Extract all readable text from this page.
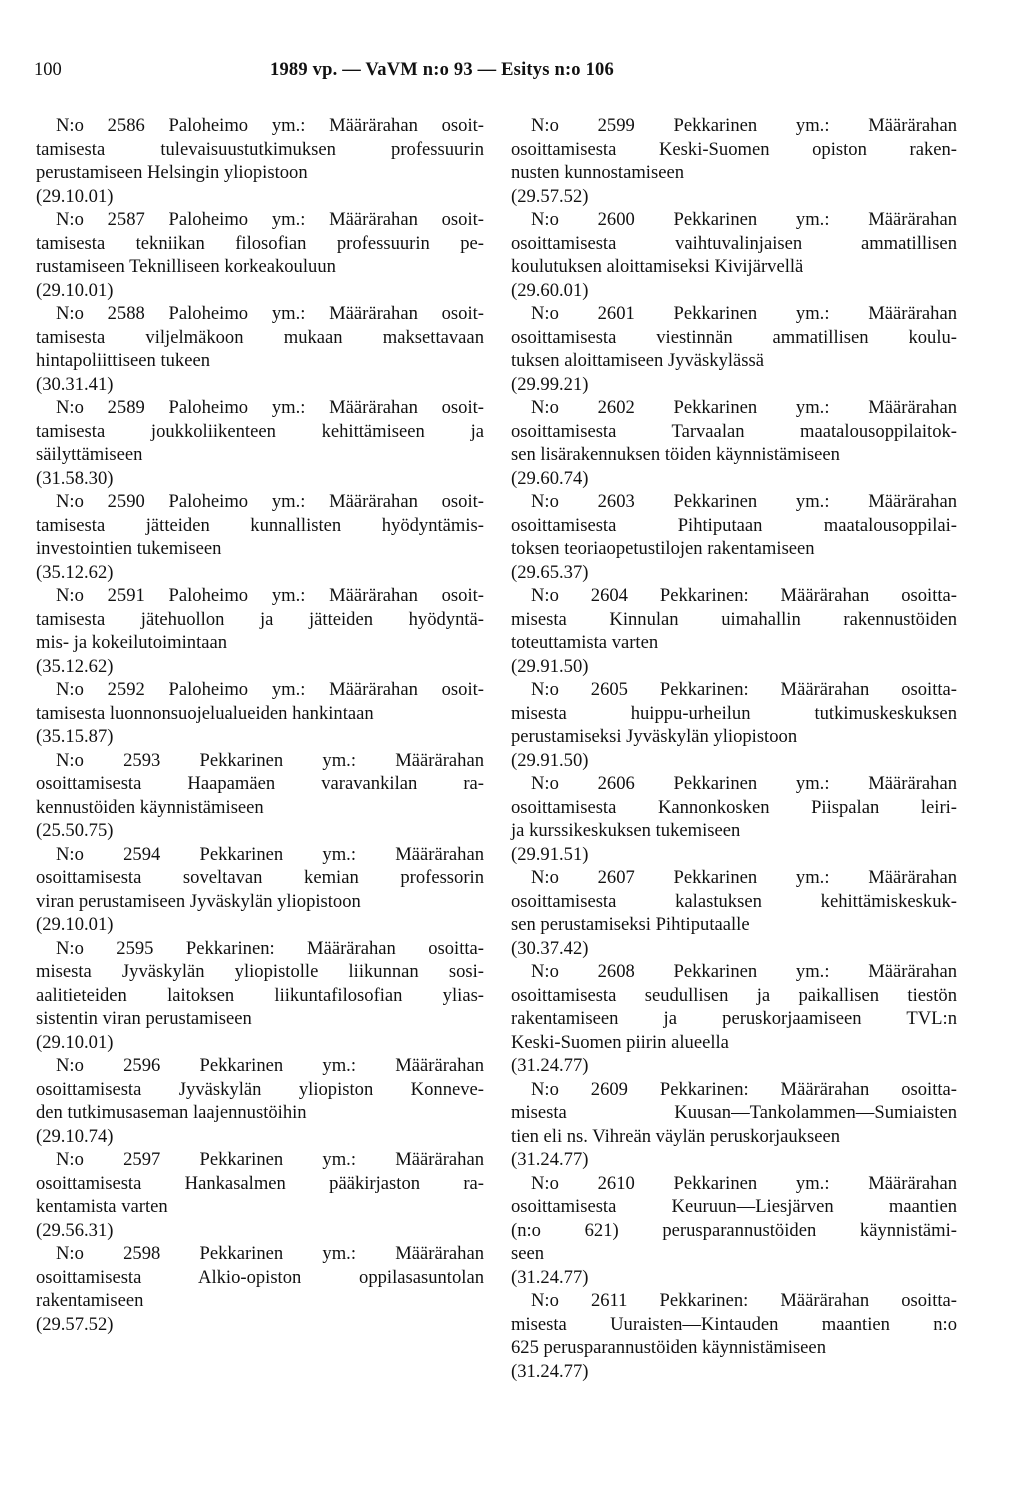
100	1989 vp. — VaVM n:o 93 — Esitys n:o 106
N:o 2586 Paloheimo ym.: Määrärahan osoit-
tamisesta tulevaisuustutkimuksen professuurin
perustamiseen Helsingin yliopistoon
(29.10.01)
N:o 2587 Paloheimo ym.: Määrärahan osoit-
tamisesta tekniikan filosofian professuurin pe-
rustamiseen Teknilliseen korkeakouluun
(29.10.01)
N:o 2588 Paloheimo ym.: Määrärahan osoit-
tamisesta viljelmäkoon mukaan maksettavaan
hintapoliittiseen tukeen
(30.31.41)
N:o 2589 Paloheimo ym.: Määrärahan osoit-
tamisesta joukkoliikenteen kehittämiseen ja
säilyttämiseen
(31.58.30)
N:o 2590 Paloheimo ym.: Määrärahan osoit-
tamisesta jätteiden kunnallisten hyödyntämis-
investointien tukemiseen
(35.12.62)
N:o 2591 Paloheimo ym.: Määrärahan osoit-
tamisesta jätehuollon ja jätteiden hyödyntä-
mis- ja kokeilutoimintaan
(35.12.62)
N:o 2592 Paloheimo ym.: Määrärahan osoit-
tamisesta luonnonsuojelualueiden hankintaan
(35.15.87)
N:o 2593 Pekkarinen ym.: Määrärahan
osoittamisesta Haapamäen varavankilan ra-
kennustöiden käynnistämiseen
(25.50.75)
N:o 2594 Pekkarinen ym.: Määrärahan
osoittamisesta soveltavan kemian professorin
viran perustamiseen Jyväskylän yliopistoon
(29.10.01)
N:o 2595 Pekkarinen: Määrärahan osoitta-
misesta Jyväskylän yliopistolle liikunnan sosi-
aalitieteiden laitoksen liikuntafilosofian ylias-
sistentin viran perustamiseen
(29.10.01)
N:o 2596 Pekkarinen ym.: Määrärahan
osoittamisesta Jyväskylän yliopiston Konneve-
den tutkimusaseman laajennustöihin
(29.10.74)
N:o 2597 Pekkarinen ym.: Määrärahan
osoittamisesta Hankasalmen pääkirjaston ra-
kentamista varten
(29.56.31)
N:o 2598 Pekkarinen ym.: Määrärahan
osoittamisesta Alkio-opiston oppilasasuntolan
rakentamiseen
(29.57.52)
N:o 2599 Pekkarinen ym.: Määrärahan
osoittamisesta Keski-Suomen opiston raken-
nusten kunnostamiseen
(29.57.52)
N:o 2600 Pekkarinen ym.: Määrärahan
osoittamisesta vaihtuvalinjaisen ammatillisen
koulutuksen aloittamiseksi Kivijärvellä
(29.60.01)
N:o 2601 Pekkarinen ym.: Määrärahan
osoittamisesta viestinnän ammatillisen koulu-
tuksen aloittamiseen Jyväskylässä
(29.99.21)
N:o 2602 Pekkarinen ym.: Määrärahan
osoittamisesta Tarvaalan maatalousoppilaitok-
sen lisärakennuksen töiden käynnistämiseen
(29.60.74)
N:o 2603 Pekkarinen ym.: Määrärahan
osoittamisesta Pihtiputaan maatalousoppilai-
toksen teoriaopetustilojen rakentamiseen
(29.65.37)
N:o 2604 Pekkarinen: Määrärahan osoitta-
misesta Kinnulan uimahallin rakennustöiden
toteuttamista varten
(29.91.50)
N:o 2605 Pekkarinen: Määrärahan osoitta-
misesta huippu-urheilun tutkimuskeskuksen
perustamiseksi Jyväskylän yliopistoon
(29.91.50)
N:o 2606 Pekkarinen ym.: Määrärahan
osoittamisesta Kannonkosken Piispalan leiri-
ja kurssikeskuksen tukemiseen
(29.91.51)
N:o 2607 Pekkarinen ym.: Määrärahan
osoittamisesta kalastuksen kehittämiskeskuk-
sen perustamiseksi Pihtiputaalle
(30.37.42)
N:o 2608 Pekkarinen ym.: Määrärahan
osoittamisesta seudullisen ja paikallisen tiestön
rakentamiseen ja peruskorjaamiseen TVL:n
Keski-Suomen piirin alueella
(31.24.77)
N:o 2609 Pekkarinen: Määrärahan osoitta-
misesta Kuusan—Tankolammen—Sumiaisten
tien eli ns. Vihreän väylän peruskorjaukseen
(31.24.77)
N:o 2610 Pekkarinen ym.: Määrärahan
osoittamisesta Keuruun—Liesjärven maantien
(n:o 621) perusparannustöiden käynnistämi-
seen
(31.24.77)
N:o 2611 Pekkarinen: Määrärahan osoitta-
misesta Uuraisten—Kintauden maantien n:o
625 perusparannustöiden käynnistämiseen
(31.24.77)
